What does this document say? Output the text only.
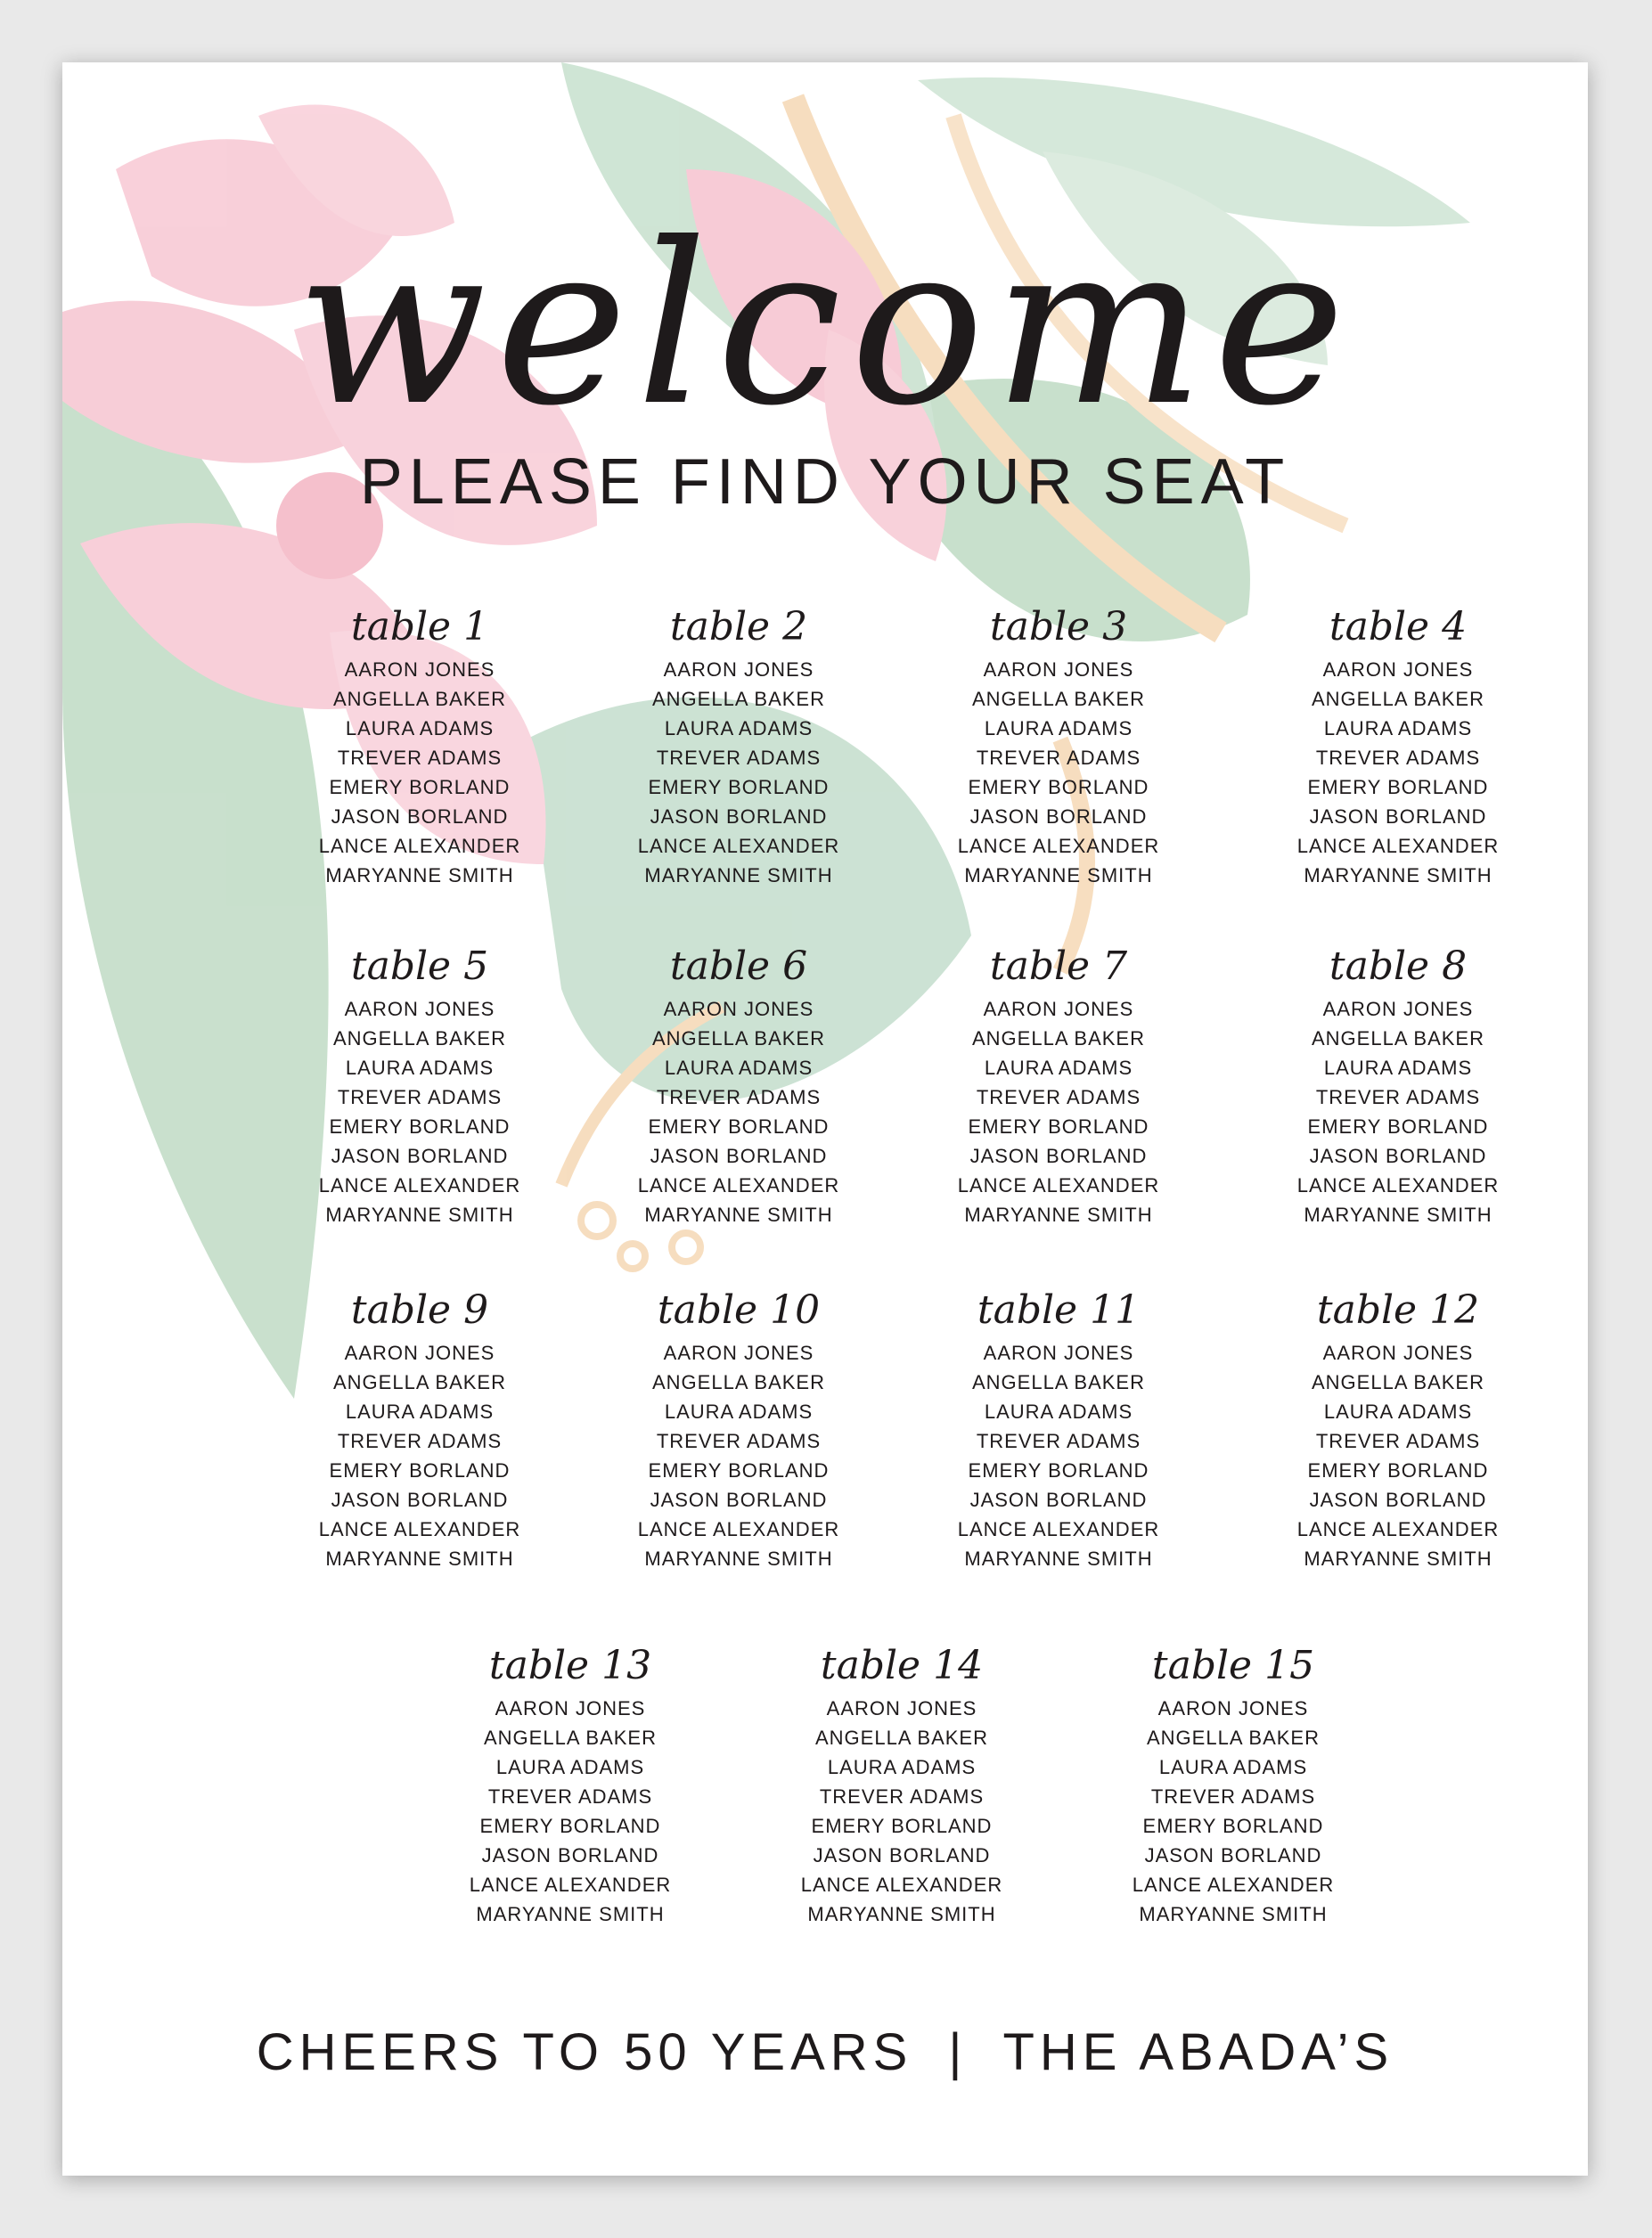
welcome
PLEASE FIND YOUR SEAT
table 1
AARON JONES
ANGELLA BAKER
LAURA ADAMS
TREVER ADAMS
EMERY BORLAND
JASON BORLAND
LANCE ALEXANDER
MARYANNE SMITH
table 2
AARON JONES
ANGELLA BAKER
LAURA ADAMS
TREVER ADAMS
EMERY BORLAND
JASON BORLAND
LANCE ALEXANDER
MARYANNE SMITH
table 3
AARON JONES
ANGELLA BAKER
LAURA ADAMS
TREVER ADAMS
EMERY BORLAND
JASON BORLAND
LANCE ALEXANDER
MARYANNE SMITH
table 4
AARON JONES
ANGELLA BAKER
LAURA ADAMS
TREVER ADAMS
EMERY BORLAND
JASON BORLAND
LANCE ALEXANDER
MARYANNE SMITH
table 5
AARON JONES
ANGELLA BAKER
LAURA ADAMS
TREVER ADAMS
EMERY BORLAND
JASON BORLAND
LANCE ALEXANDER
MARYANNE SMITH
table 6
AARON JONES
ANGELLA BAKER
LAURA ADAMS
TREVER ADAMS
EMERY BORLAND
JASON BORLAND
LANCE ALEXANDER
MARYANNE SMITH
table 7
AARON JONES
ANGELLA BAKER
LAURA ADAMS
TREVER ADAMS
EMERY BORLAND
JASON BORLAND
LANCE ALEXANDER
MARYANNE SMITH
table 8
AARON JONES
ANGELLA BAKER
LAURA ADAMS
TREVER ADAMS
EMERY BORLAND
JASON BORLAND
LANCE ALEXANDER
MARYANNE SMITH
table 9
AARON JONES
ANGELLA BAKER
LAURA ADAMS
TREVER ADAMS
EMERY BORLAND
JASON BORLAND
LANCE ALEXANDER
MARYANNE SMITH
table 10
AARON JONES
ANGELLA BAKER
LAURA ADAMS
TREVER ADAMS
EMERY BORLAND
JASON BORLAND
LANCE ALEXANDER
MARYANNE SMITH
table 11
AARON JONES
ANGELLA BAKER
LAURA ADAMS
TREVER ADAMS
EMERY BORLAND
JASON BORLAND
LANCE ALEXANDER
MARYANNE SMITH
table 12
AARON JONES
ANGELLA BAKER
LAURA ADAMS
TREVER ADAMS
EMERY BORLAND
JASON BORLAND
LANCE ALEXANDER
MARYANNE SMITH
table 13
AARON JONES
ANGELLA BAKER
LAURA ADAMS
TREVER ADAMS
EMERY BORLAND
JASON BORLAND
LANCE ALEXANDER
MARYANNE SMITH
table 14
AARON JONES
ANGELLA BAKER
LAURA ADAMS
TREVER ADAMS
EMERY BORLAND
JASON BORLAND
LANCE ALEXANDER
MARYANNE SMITH
table 15
AARON JONES
ANGELLA BAKER
LAURA ADAMS
TREVER ADAMS
EMERY BORLAND
JASON BORLAND
LANCE ALEXANDER
MARYANNE SMITH
CHEERS TO 50 YEARS | THE ABADA’S
